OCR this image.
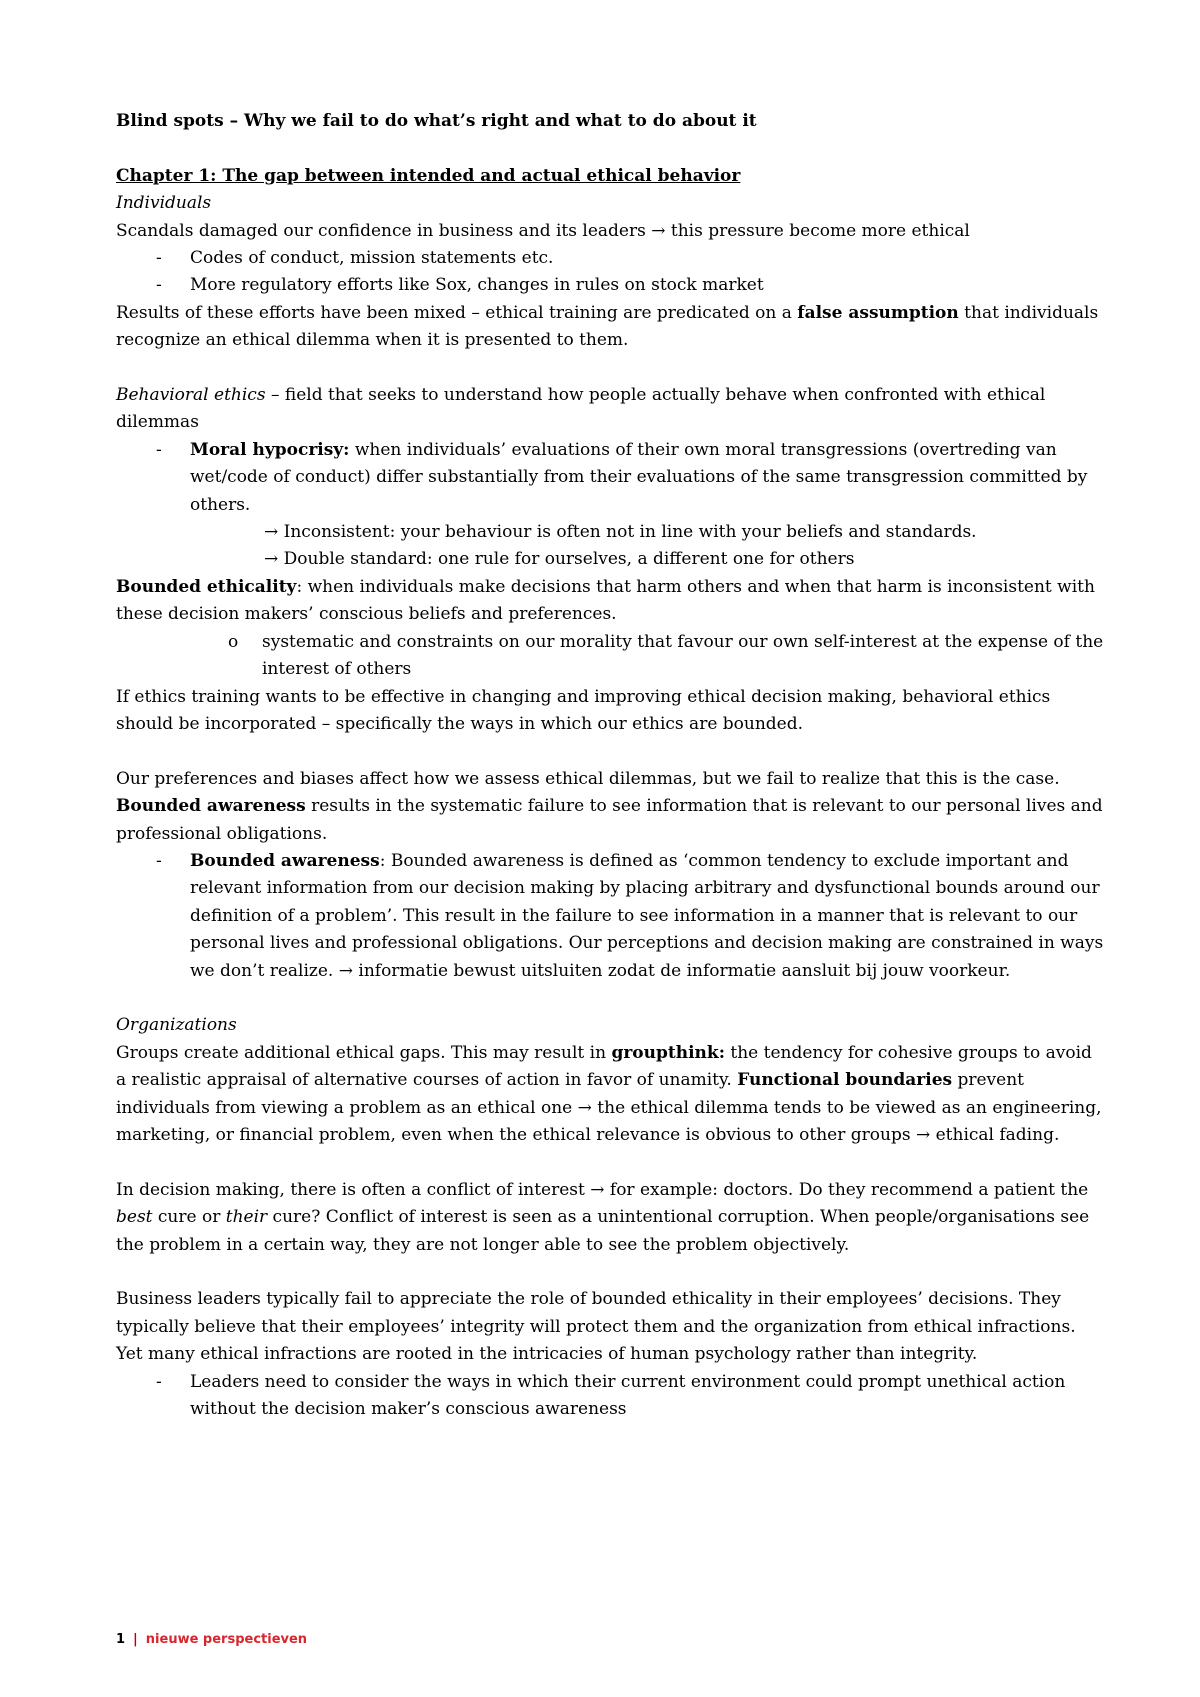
Blind spots – Why we fail to do what’s right and what to do about it

Chapter 1: The gap between intended and actual ethical behavior

Individuals

Scandals damaged our confidence in business and its leaders → this pressure become more ethical

-	Codes of conduct, mission statements etc.
-	More regulatory efforts like Sox, changes in rules on stock market

Results of these efforts have been mixed – ethical training are predicated on a false assumption that individuals recognize an ethical dilemma when it is presented to them.

Behavioral ethics – field that seeks to understand how people actually behave when confronted with ethical dilemmas

-	Moral hypocrisy: when individuals’ evaluations of their own moral transgressions (overtreding van wet/code of conduct) differ substantially from their evaluations of the same transgression committed by others.

→ Inconsistent: your behaviour is often not in line with your beliefs and standards.

→ Double standard: one rule for ourselves, a different one for others

Bounded ethicality: when individuals make decisions that harm others and when that harm is inconsistent with these decision makers’ conscious beliefs and preferences.

o	systematic and constraints on our morality that favour our own self-interest at the expense of the interest of others

If ethics training wants to be effective in changing and improving ethical decision making, behavioral ethics should be incorporated – specifically the ways in which our ethics are bounded.

Our preferences and biases affect how we assess ethical dilemmas, but we fail to realize that this is the case.
Bounded awareness results in the systematic failure to see information that is relevant to our personal lives and professional obligations.

-	Bounded awareness: Bounded awareness is defined as ‘common tendency to exclude important and relevant information from our decision making by placing arbitrary and dysfunctional bounds around our definition of a problem’. This result in the failure to see information in a manner that is relevant to our personal lives and professional obligations. Our perceptions and decision making are constrained in ways we don’t realize. → informatie bewust uitsluiten zodat de informatie aansluit bij jouw voorkeur.

Organizations

Groups create additional ethical gaps. This may result in groupthink: the tendency for cohesive groups to avoid a realistic appraisal of alternative courses of action in favor of unamity. Functional boundaries prevent individuals from viewing a problem as an ethical one → the ethical dilemma tends to be viewed as an engineering, marketing, or financial problem, even when the ethical relevance is obvious to other groups → ethical fading.

In decision making, there is often a conflict of interest → for example: doctors. Do they recommend a patient the best cure or their cure? Conflict of interest is seen as a unintentional corruption. When people/organisations see the problem in a certain way, they are not longer able to see the problem objectively.

Business leaders typically fail to appreciate the role of bounded ethicality in their employees’ decisions. They typically believe that their employees’ integrity will protect them and the organization from ethical infractions. Yet many ethical infractions are rooted in the intricacies of human psychology rather than integrity.

-	Leaders need to consider the ways in which their current environment could prompt unethical action without the decision maker’s conscious awareness
1 | nieuwe perspectieven
